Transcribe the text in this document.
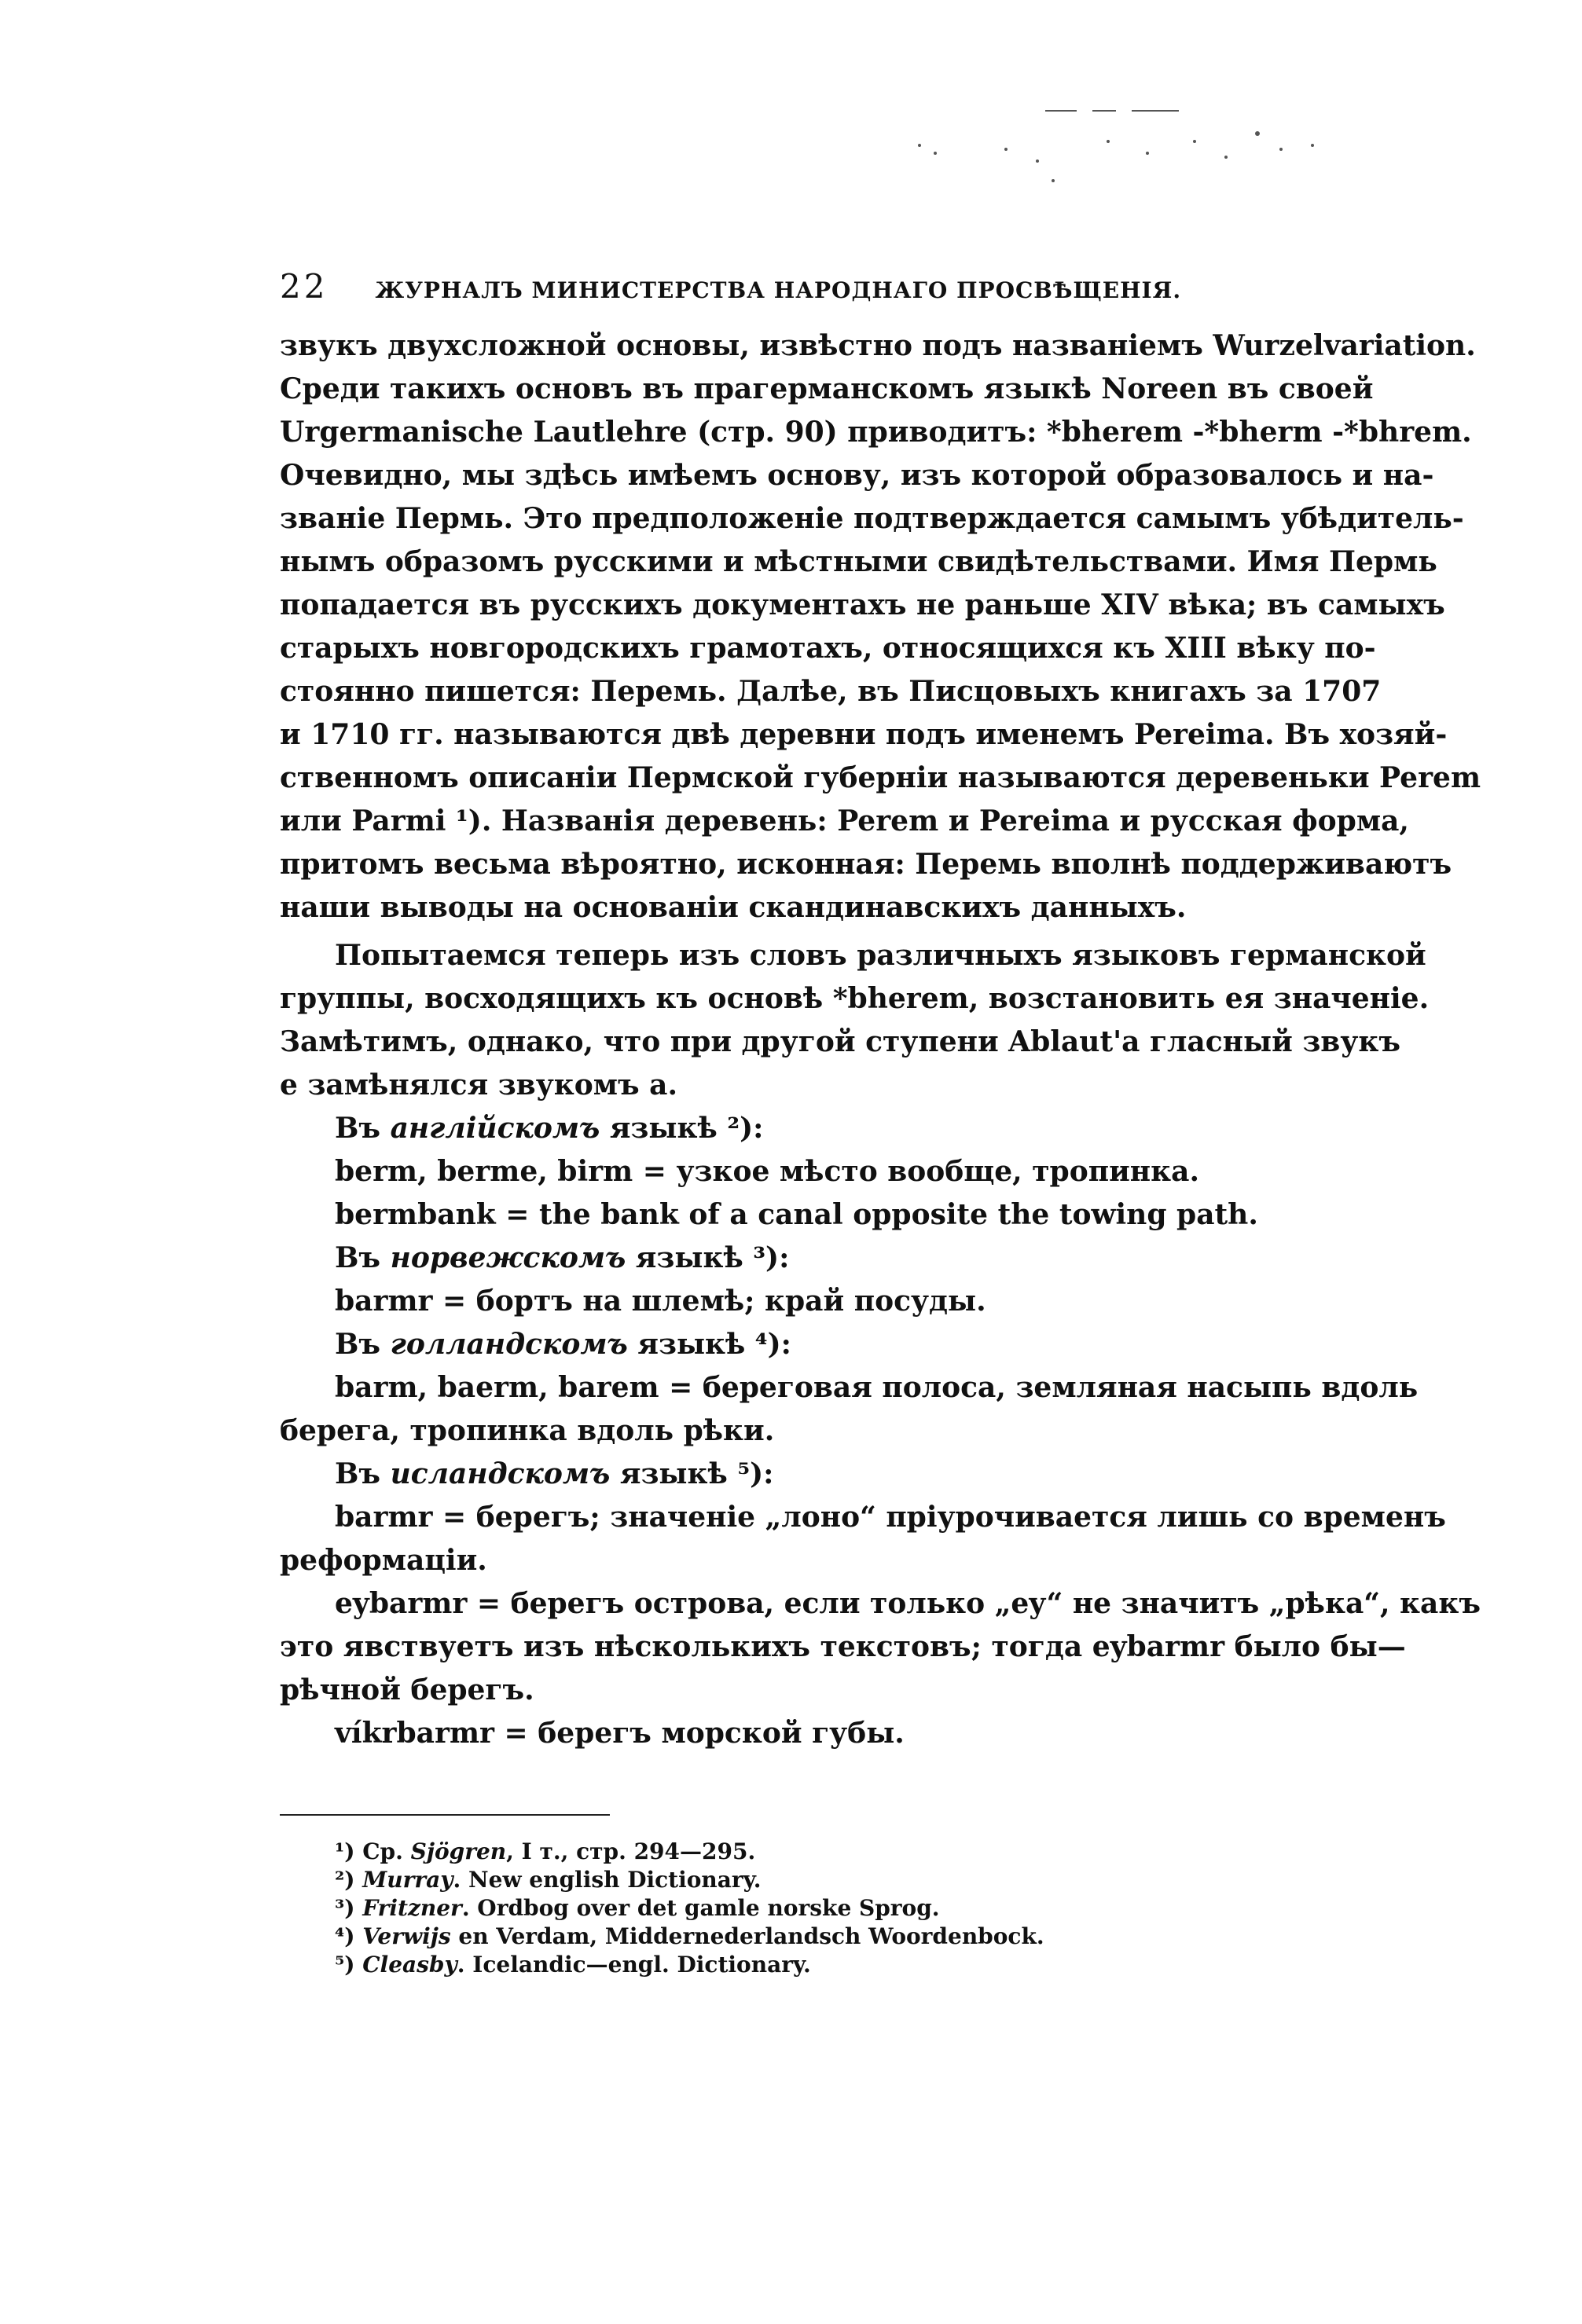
22 ЖУРНАЛЪ МИНИСТЕРСТВА НАРОДНАГО ПРОСВѢЩЕНІЯ.
звукъ двухсложной основы, извѣстно подъ названіемъ Wurzelvariation.
Среди такихъ основъ въ прагерманскомъ языкѣ Noreen въ своей
Urgermanische Lautlehre (стр. 90) приводитъ: *bherem -*bherm -*bhrem.
Очевидно, мы здѣсь имѣемъ основу, изъ которой образовалось и на-
званіе Пермь. Это предположеніе подтверждается самымъ убѣдитель-
нымъ образомъ русскими и мѣстными свидѣтельствами. Имя Пермь
попадается въ русскихъ документахъ не раньше XIV вѣка; въ самыхъ
старыхъ новгородскихъ грамотахъ, относящихся къ XIII вѣку по-
стоянно пишется: Перемь. Далѣе, въ Писцовыхъ книгахъ за 1707
и 1710 гг. называются двѣ деревни подъ именемъ Pereima. Въ хозяй-
ственномъ описаніи Пермской губерніи называются деревеньки Perem
или Parmi ¹). Названія деревень: Perem и Pereima и русская форма,
притомъ весьма вѣроятно, исконная: Перемь вполнѣ поддерживаютъ
наши выводы на основаніи скандинавскихъ данныхъ.
Попытаемся теперь изъ словъ различныхъ языковъ германской
группы, восходящихъ къ основѣ *bherem, возстановить ея значеніе.
Замѣтимъ, однако, что при другой ступени Ablaut'а гласный звукъ
e замѣнялся звукомъ a.
Въ англійскомъ языкѣ ²):
berm, berme, birm = узкое мѣсто вообще, тропинка.
bermbank = the bank of a canal opposite the towing path.
Въ норвежскомъ языкѣ ³):
barmr = бортъ на шлемѣ; край посуды.
Въ голландскомъ языкѣ ⁴):
barm, baerm, barem = береговая полоса, земляная насыпь вдоль
берега, тропинка вдоль рѣки.
Въ исландскомъ языкѣ ⁵):
barmr = берегъ; значеніе „лоно“ пріурочивается лишь со временъ
реформаціи.
eybarmr = берегъ острова, если только „ey“ не значитъ „рѣка“, какъ
это явствуетъ изъ нѣсколькихъ текстовъ; тогда eybarmr было бы—
рѣчной берегъ.
víkrbarmr = берегъ морской губы.
¹) Ср. Sjögren, I т., стр. 294—295.
²) Murray. New english Dictionary.
³) Fritzner. Ordbog over det gamle norske Sprog.
⁴) Verwijs en Verdam, Middernederlandsch Woordenbock.
⁵) Cleasby. Icelandic—engl. Dictionary.
